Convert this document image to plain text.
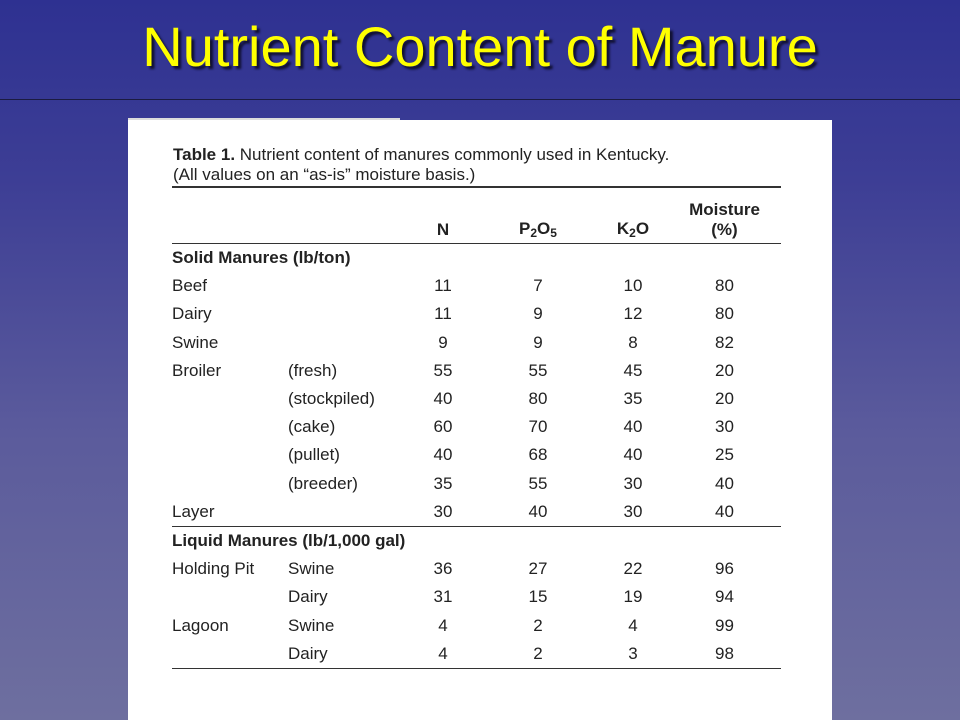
Nutrient Content of Manure
Table 1. Nutrient content of manures commonly used in Kentucky.
(All values on an “as-is” moisture basis.)

		N	$P_2O_5$	$K_2O$	Moisture
(%)
Solid Manures (lb/ton)					
Beef		11	7	10	80
Dairy		11	9	12	80
Swine		9	9	8	82
Broiler	(fresh)	55	55	45	20
	(stockpiled)	40	80	35	20
	(cake)	60	70	40	30
	(pullet)	40	68	40	25
	(breeder)	35	55	30	40
Layer		30	40	30	40
Liquid Manures (lb/1,000 gal)					
Holding Pit	Swine	36	27	22	96
	Dairy	31	15	19	94
Lagoon	Swine	4	2	4	99
	Dairy	4	2	3	98
